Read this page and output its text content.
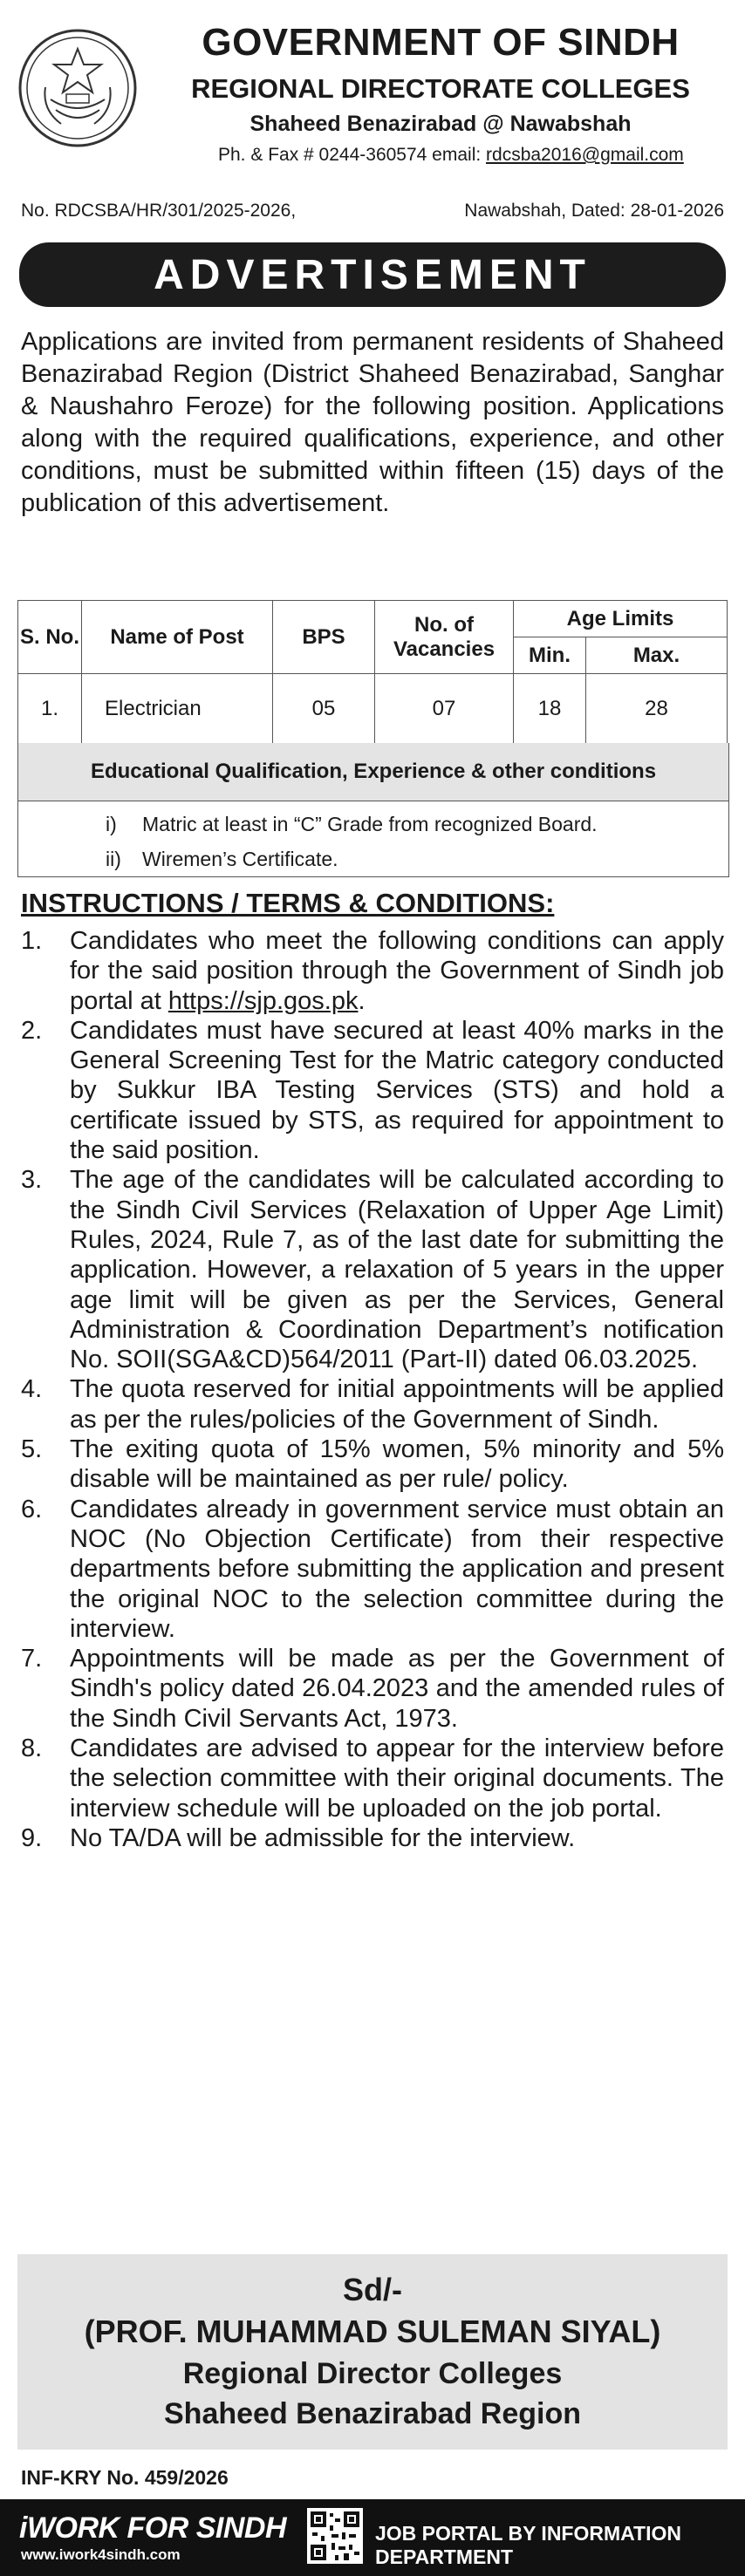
GOVERNMENT OF SINDH
REGIONAL DIRECTORATE COLLEGES
Shaheed Benazirabad @ Nawabshah
Ph. & Fax # 0244-360574 email: rdcsba2016@gmail.com
No. RDCSBA/HR/301/2025-2026,	Nawabshah, Dated: 28-01-2026
ADVERTISEMENT
Applications are invited from permanent residents of Shaheed Benazirabad Region (District Shaheed Benazirabad, Sanghar & Naushahro Feroze) for the following position. Applications along with the required qualifications, experience, and other conditions, must be submitted within fifteen (15) days of the publication of this advertisement.
S. No.	Name of Post	BPS	No. of Vacancies	Age Limits	
				Min.	Max.
1.	Electrician	05	07	18	28
Educational Qualification, Experience & other conditions
i)	Matric at least in “C” Grade from recognized Board.
ii)	Wiremen’s Certificate.
INSTRUCTIONS / TERMS & CONDITIONS:
1.	Candidates who meet the following conditions can apply for the said position through the Government of Sindh job portal at https://sjp.gos.pk.
2.	Candidates must have secured at least 40% marks in the General Screening Test for the Matric category conducted by Sukkur IBA Testing Services (STS) and hold a certificate issued by STS, as required for appointment to the said position.
3.	The age of the candidates will be calculated according to the Sindh Civil Services (Relaxation of Upper Age Limit) Rules, 2024, Rule 7, as of the last date for submitting the application. However, a relaxation of 5 years in the upper age limit will be given as per the Services, General Administration & Coordination Department’s notification No. SOII(SGA&CD)564/2011 (Part-II) dated 06.03.2025.
4.	The quota reserved for initial appointments will be applied as per the rules/policies of the Government of Sindh.
5.	The exiting quota of 15% women, 5% minority and 5% disable will be maintained as per rule/ policy.
6.	Candidates already in government service must obtain an NOC (No Objection Certificate) from their respective departments before submitting the application and present the original NOC to the selection committee during the interview.
7.	Appointments will be made as per the Government of Sindh's policy dated 26.04.2023 and the amended rules of the Sindh Civil Servants Act, 1973.
8.	Candidates are advised to appear for the interview before the selection committee with their original documents. The interview schedule will be uploaded on the job portal.
9.	No TA/DA will be admissible for the interview.
Sd/-
(PROF. MUHAMMAD SULEMAN SIYAL)
Regional Director Colleges
Shaheed Benazirabad Region
INF-KRY No. 459/2026
iWORK FOR SINDH
www.iwork4sindh.com
JOB PORTAL BY INFORMATION DEPARTMENT
